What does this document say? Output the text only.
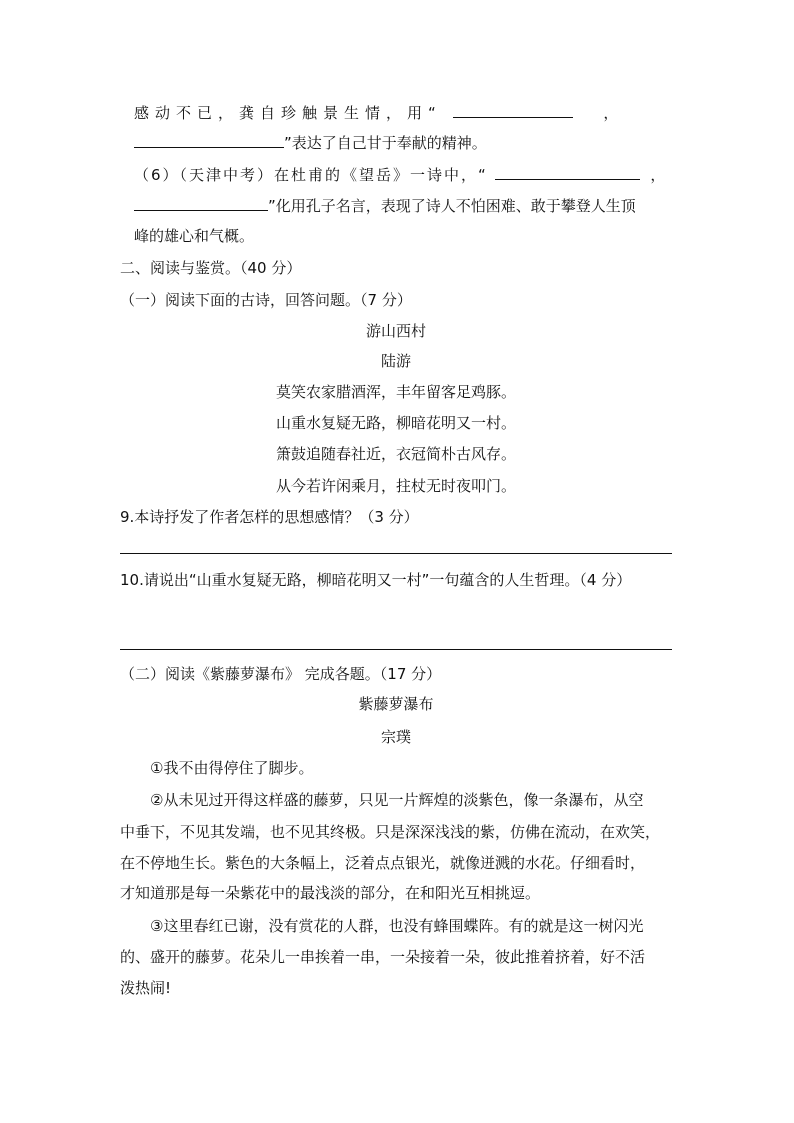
感动不已，龚自珍触景生情，用“	，
”表达了自己甘于奉献的精神。
（6）（天津中考）在杜甫的《望岳》一诗中，“	，
”化用孔子名言，表现了诗人不怕困难、敢于攀登人生顶
峰的雄心和气概。
二、阅读与鉴赏。（40 分）
（一）阅读下面的古诗，回答问题。（7 分）
游山西村
陆游
莫笑农家腊酒浑，丰年留客足鸡豚。
山重水复疑无路，柳暗花明又一村。
箫鼓追随春社近，衣冠简朴古风存。
从今若许闲乘月，拄杖无时夜叩门。
9.本诗抒发了作者怎样的思想感情？（3 分）
10.请说出“山重水复疑无路，柳暗花明又一村”一句蕴含的人生哲理。（4 分）
（二）阅读《紫藤萝瀑布》 完成各题。（17 分）
紫藤萝瀑布
宗璞
①我不由得停住了脚步。
②从未见过开得这样盛的藤萝，只见一片辉煌的淡紫色，像一条瀑布，从空
中垂下，不见其发端，也不见其终极。只是深深浅浅的紫，仿佛在流动，在欢笑，
在不停地生长。紫色的大条幅上，泛着点点银光，就像迸溅的水花。仔细看时，
才知道那是每一朵紫花中的最浅淡的部分，在和阳光互相挑逗。
③这里春红已谢，没有赏花的人群，也没有蜂围蝶阵。有的就是这一树闪光
的、盛开的藤萝。花朵儿一串挨着一串，一朵接着一朵，彼此推着挤着，好不活
泼热闹!
